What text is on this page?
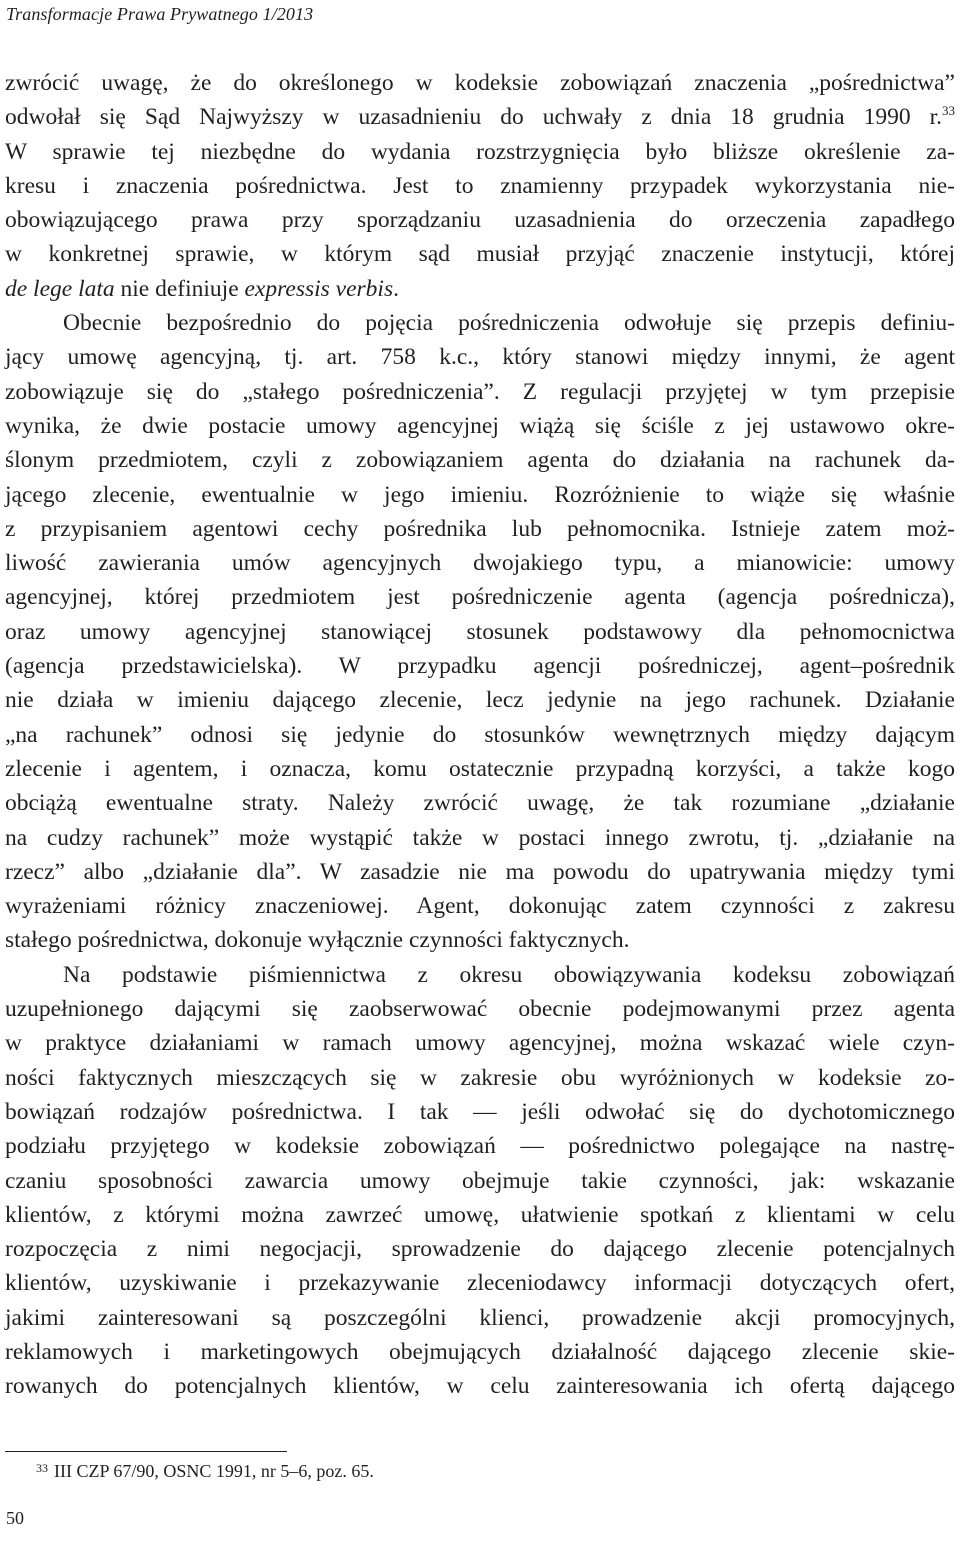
Transformacje Prawa Prywatnego 1/2013
zwrócić uwagę, że do określonego w kodeksie zobowiązań znaczenia „pośrednictwa”
odwołał się Sąd Najwyższy w uzasadnieniu do uchwały z dnia 18 grudnia 1990 r.$^{33}$
W sprawie tej niezbędne do wydania rozstrzygnięcia było bliższe określenie za-
kresu i znaczenia pośrednictwa. Jest to znamienny przypadek wykorzystania nie-
obowiązującego prawa przy sporządzaniu uzasadnienia do orzeczenia zapadłego
w konkretnej sprawie, w którym sąd musiał przyjąć znaczenie instytucji, której
de lege lata nie definiuje expressis verbis.
Obecnie bezpośrednio do pojęcia pośredniczenia odwołuje się przepis definiu-
jący umowę agencyjną, tj. art. 758 k.c., który stanowi między innymi, że agent
zobowiązuje się do „stałego pośredniczenia”. Z regulacji przyjętej w tym przepisie
wynika, że dwie postacie umowy agencyjnej wiążą się ściśle z jej ustawowo okre-
ślonym przedmiotem, czyli z zobowiązaniem agenta do działania na rachunek da-
jącego zlecenie, ewentualnie w jego imieniu. Rozróżnienie to wiąże się właśnie
z przypisaniem agentowi cechy pośrednika lub pełnomocnika. Istnieje zatem moż-
liwość zawierania umów agencyjnych dwojakiego typu, a mianowicie: umowy
agencyjnej, której przedmiotem jest pośredniczenie agenta (agencja pośrednicza),
oraz umowy agencyjnej stanowiącej stosunek podstawowy dla pełnomocnictwa
(agencja przedstawicielska). W przypadku agencji pośredniczej, agent–pośrednik
nie działa w imieniu dającego zlecenie, lecz jedynie na jego rachunek. Działanie
„na rachunek” odnosi się jedynie do stosunków wewnętrznych między dającym
zlecenie i agentem, i oznacza, komu ostatecznie przypadną korzyści, a także kogo
obciążą ewentualne straty. Należy zwrócić uwagę, że tak rozumiane „działanie
na cudzy rachunek” może wystąpić także w postaci innego zwrotu, tj. „działanie na
rzecz” albo „działanie dla”. W zasadzie nie ma powodu do upatrywania między tymi
wyrażeniami różnicy znaczeniowej. Agent, dokonując zatem czynności z zakresu
stałego pośrednictwa, dokonuje wyłącznie czynności faktycznych.
Na podstawie piśmiennictwa z okresu obowiązywania kodeksu zobowiązań
uzupełnionego dającymi się zaobserwować obecnie podejmowanymi przez agenta
w praktyce działaniami w ramach umowy agencyjnej, można wskazać wiele czyn-
ności faktycznych mieszczących się w zakresie obu wyróżnionych w kodeksie zo-
bowiązań rodzajów pośrednictwa. I tak — jeśli odwołać się do dychotomicznego
podziału przyjętego w kodeksie zobowiązań — pośrednictwo polegające na nastrę-
czaniu sposobności zawarcia umowy obejmuje takie czynności, jak: wskazanie
klientów, z którymi można zawrzeć umowę, ułatwienie spotkań z klientami w celu
rozpoczęcia z nimi negocjacji, sprowadzenie do dającego zlecenie potencjalnych
klientów, uzyskiwanie i przekazywanie zleceniodawcy informacji dotyczących ofert,
jakimi zainteresowani są poszczególni klienci, prowadzenie akcji promocyjnych,
reklamowych i marketingowych obejmujących działalność dającego zlecenie skie-
rowanych do potencjalnych klientów, w celu zainteresowania ich ofertą dającego
$^{33}$ III CZP 67/90, OSNC 1991, nr 5–6, poz. 65.
50
